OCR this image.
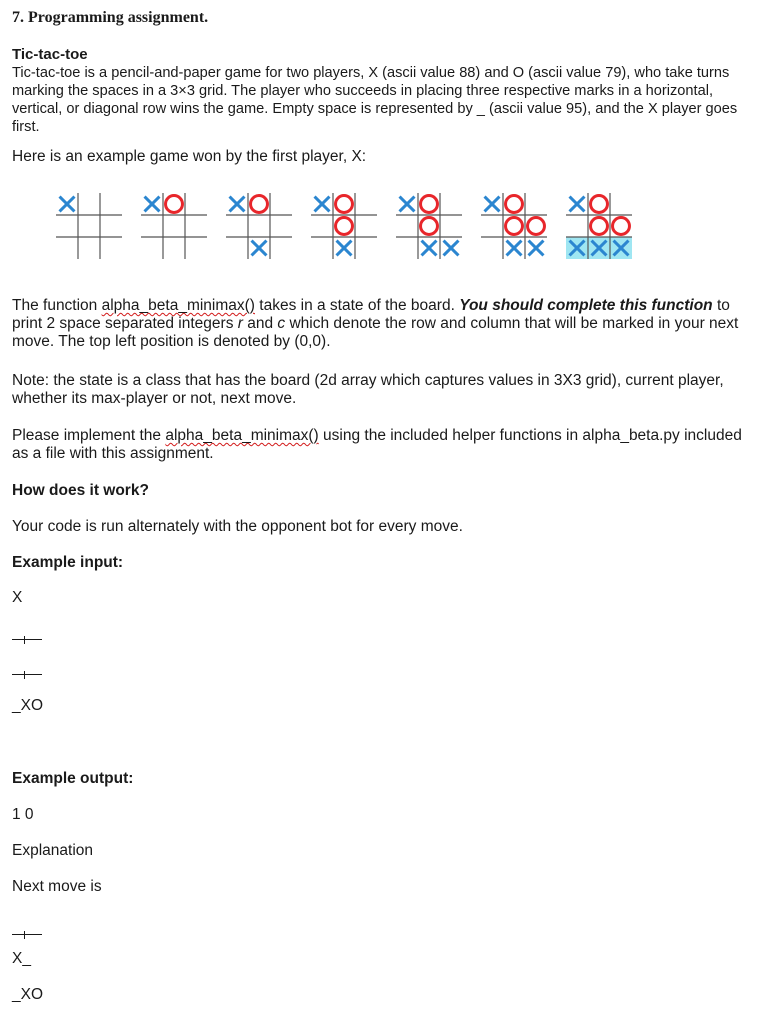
7. Programming assignment.
Tic-tac-toe
Tic-tac-toe is a pencil-and-paper game for two players, X (ascii value 88) and O (ascii value 79), who take turns marking the spaces in a 3×3 grid. The player who succeeds in placing three respective marks in a horizontal, vertical, or diagonal row wins the game. Empty space is represented by _ (ascii value 95), and the X player goes first.
Here is an example game won by the first player, X:
The function alpha_beta_minimax() takes in a state of the board. You should complete this function to print 2 space separated integers r and c which denote the row and column that will be marked in your next move. The top left position is denoted by (0,0).
Note: the state is a class that has the board (2d array which captures values in 3X3 grid), current player, whether its max-player or not, next move.
Please implement the alpha_beta_minimax() using the included helper functions in alpha_beta.py included as a file with this assignment.
How does it work?
Your code is run alternately with the opponent bot for every move.
Example input:
X
_XO
Example output:
1 0
Explanation
Next move is
X_
_XO
